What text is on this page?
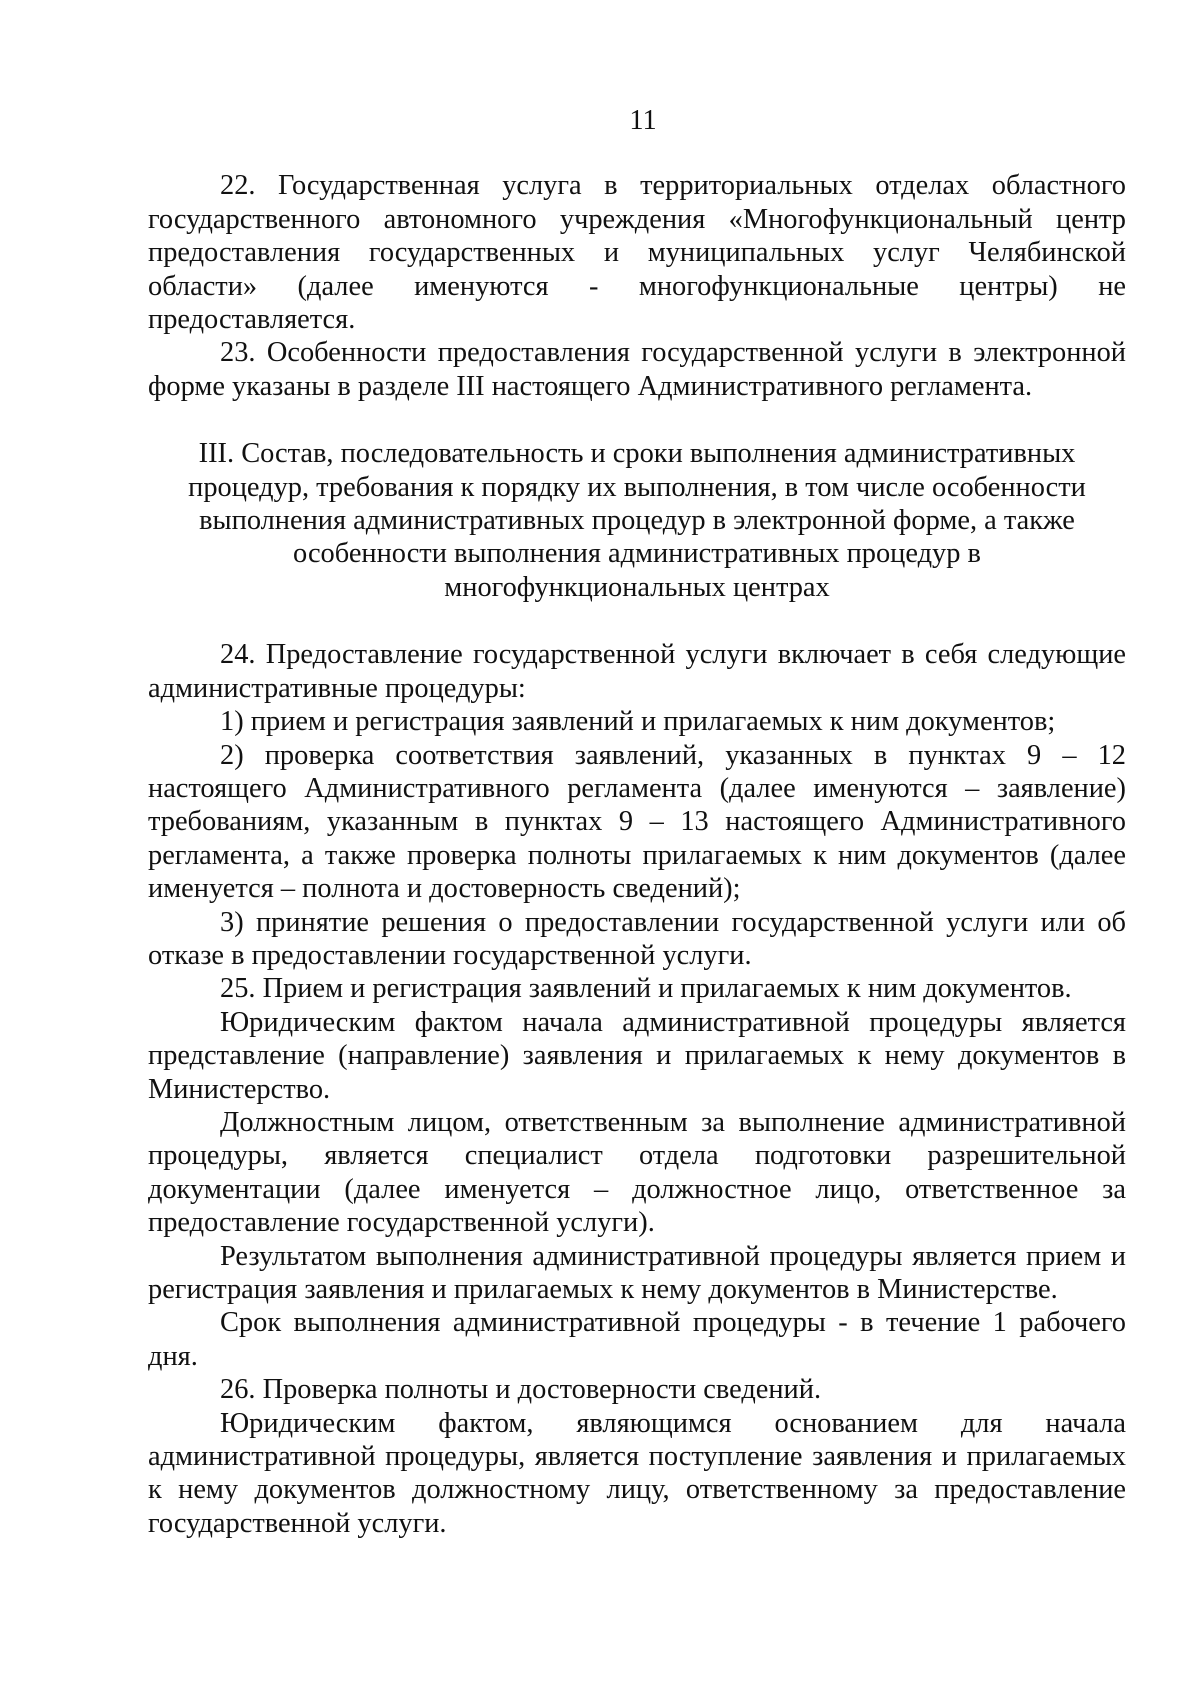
11

22. Государственная услуга в территориальных отделах областного государственного автономного учреждения «Многофункциональный центр предоставления государственных и муниципальных услуг Челябинской области» (далее именуются - многофункциональные центры) не предоставляется.

23. Особенности предоставления государственной услуги в электронной форме указаны в разделе III настоящего Административного регламента.

III. Состав, последовательность и сроки выполнения административных
процедур, требования к порядку их выполнения, в том числе особенности
выполнения административных процедур в электронной форме, а также
особенности выполнения административных процедур в
многофункциональных центрах

24. Предоставление государственной услуги включает в себя следующие административные процедуры:

1) прием и регистрация заявлений и прилагаемых к ним документов;

2) проверка соответствия заявлений, указанных в пунктах 9 – 12 настоящего Административного регламента (далее именуются – заявление) требованиям, указанным в пунктах 9 – 13 настоящего Административного регламента, а также проверка полноты прилагаемых к ним документов (далее именуется – полнота и достоверность сведений);

3) принятие решения о предоставлении государственной услуги или об отказе в предоставлении государственной услуги.

25. Прием и регистрация заявлений и прилагаемых к ним документов.

Юридическим фактом начала административной процедуры является представление (направление) заявления и прилагаемых к нему документов в Министерство.

Должностным лицом, ответственным за выполнение административной процедуры, является специалист отдела подготовки разрешительной документации (далее именуется – должностное лицо, ответственное за предоставление государственной услуги).

Результатом выполнения административной процедуры является прием и регистрация заявления и прилагаемых к нему документов в Министерстве.

Срок выполнения административной процедуры - в течение 1 рабочего дня.

26. Проверка полноты и достоверности сведений.

Юридическим фактом, являющимся основанием для начала административной процедуры, является поступление заявления и прилагаемых к нему документов должностному лицу, ответственному за предоставление государственной услуги.
